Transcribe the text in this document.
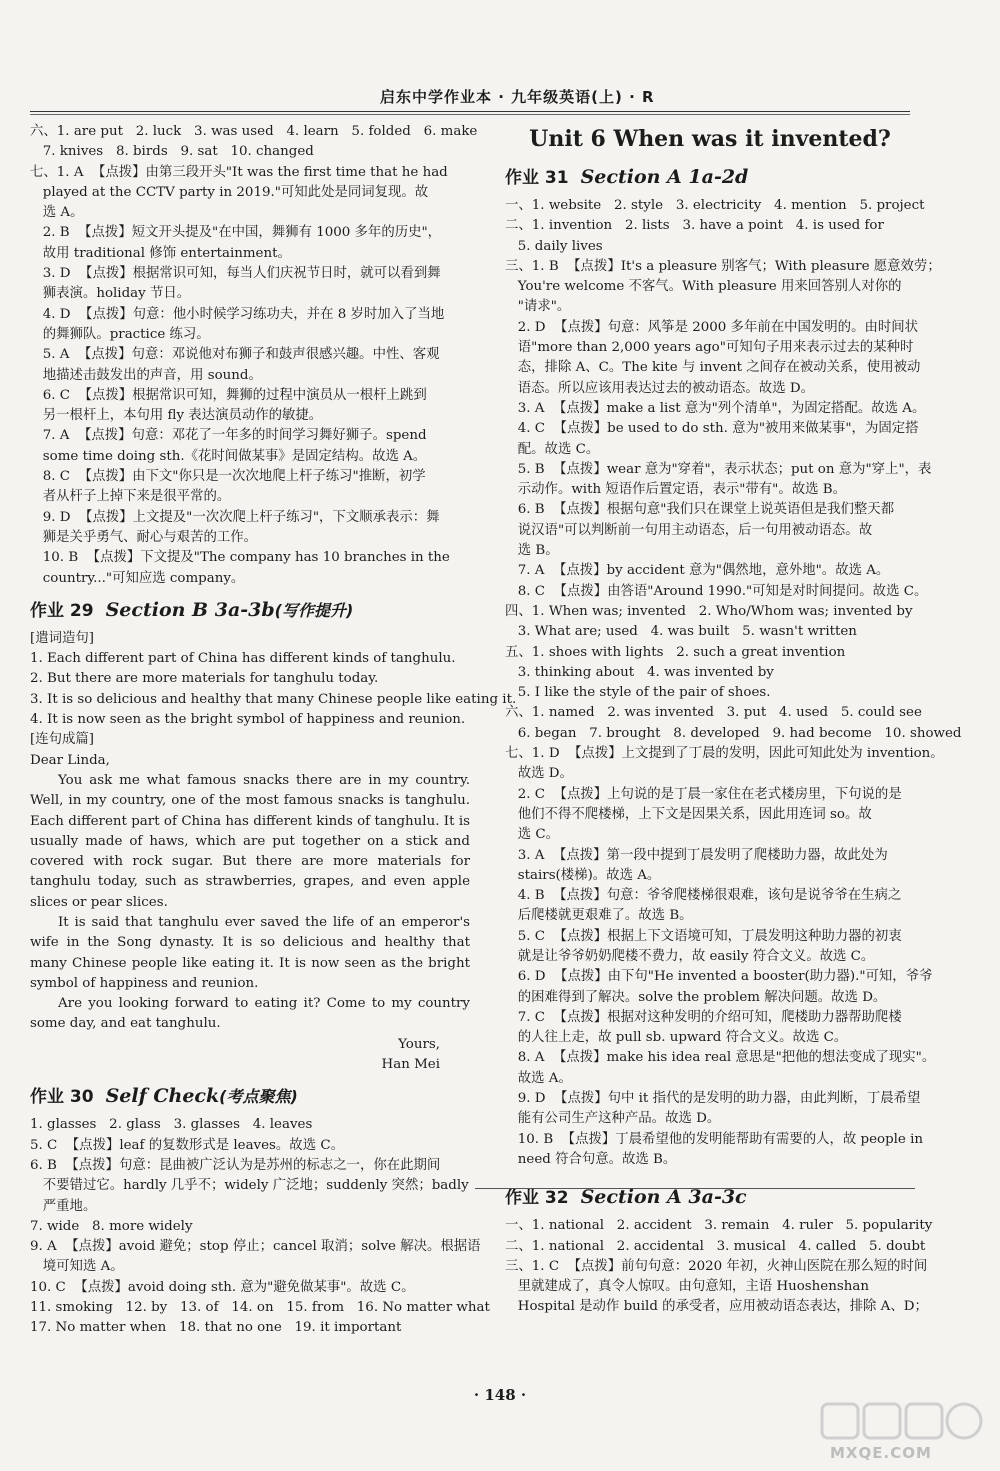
启东中学作业本 · 九年级英语(上) · R
六、1. are put   2. luck   3. was used   4. learn   5. folded   6. make
7. knives   8. birds   9. sat   10. changed
七、1. A  【点拨】由第三段开头"It was the first time that he had
played at the CCTV party in 2019."可知此处是同词复现。故
选 A。
2. B  【点拨】短文开头提及"在中国，舞狮有 1000 多年的历史"，
故用 traditional 修饰 entertainment。
3. D  【点拨】根据常识可知，每当人们庆祝节日时，就可以看到舞
狮表演。holiday 节日。
4. D  【点拨】句意：他小时候学习练功夫，并在 8 岁时加入了当地
的舞狮队。practice 练习。
5. A  【点拨】句意：邓说他对布狮子和鼓声很感兴趣。中性、客观
地描述击鼓发出的声音，用 sound。
6. C  【点拨】根据常识可知，舞狮的过程中演员从一根杆上跳到
另一根杆上，本句用 fly 表达演员动作的敏捷。
7. A  【点拨】句意：邓花了一年多的时间学习舞好狮子。spend
some time doing sth.《花时间做某事》是固定结构。故选 A。
8. C  【点拨】由下文"你只是一次次地爬上杆子练习"推断，初学
者从杆子上掉下来是很平常的。
9. D  【点拨】上文提及"一次次爬上杆子练习"，下文顺承表示：舞
狮是关乎勇气、耐心与艰苦的工作。
10. B  【点拨】下文提及"The company has 10 branches in the
country..."可知应选 company。
作业 29 Section B 3a-3b(写作提升)
[遣词造句]
1. Each different part of China has different kinds of tanghulu.
2. But there are more materials for tanghulu today.
3. It is so delicious and healthy that many Chinese people like eating it.
4. It is now seen as the bright symbol of happiness and reunion.
[连句成篇]
Dear Linda,

You ask me what famous snacks there are in my country. Well, in my country, one of the most famous snacks is tanghulu. Each different part of China has different kinds of tanghulu. It is usually made of haws, which are put together on a stick and covered with rock sugar. But there are more materials for tanghulu today, such as strawberries, grapes, and even apple slices or pear slices.

It is said that tanghulu ever saved the life of an emperor's wife in the Song dynasty. It is so delicious and healthy that many Chinese people like eating it. It is now seen as the bright symbol of happiness and reunion.

Are you looking forward to eating it? Come to my country some day, and eat tanghulu.

Yours,
Han Mei
作业 30 Self Check(考点聚焦)
1. glasses   2. glass   3. glasses   4. leaves
5. C  【点拨】leaf 的复数形式是 leaves。故选 C。
6. B  【点拨】句意：昆曲被广泛认为是苏州的标志之一，你在此期间
不要错过它。hardly 几乎不；widely 广泛地；suddenly 突然；badly
严重地。
7. wide   8. more widely
9. A  【点拨】avoid 避免；stop 停止；cancel 取消；solve 解决。根据语
境可知选 A。
10. C  【点拨】avoid doing sth. 意为"避免做某事"。故选 C。
11. smoking   12. by   13. of   14. on   15. from   16. No matter what
17. No matter when   18. that no one   19. it important
Unit 6 When was it invented?
作业 31 Section A 1a-2d
一、1. website   2. style   3. electricity   4. mention   5. project
二、1. invention   2. lists   3. have a point   4. is used for
5. daily lives
三、1. B  【点拨】It's a pleasure 别客气；With pleasure 愿意效劳；
You're welcome 不客气。With pleasure 用来回答别人对你的
"请求"。
2. D  【点拨】句意：风筝是 2000 多年前在中国发明的。由时间状
语"more than 2,000 years ago"可知句子用来表示过去的某种时
态，排除 A、C。The kite 与 invent 之间存在被动关系，使用被动
语态。所以应该用表达过去的被动语态。故选 D。
3. A  【点拨】make a list 意为"列个清单"，为固定搭配。故选 A。
4. C  【点拨】be used to do sth. 意为"被用来做某事"，为固定搭
配。故选 C。
5. B  【点拨】wear 意为"穿着"，表示状态；put on 意为"穿上"，表
示动作。with 短语作后置定语，表示"带有"。故选 B。
6. B  【点拨】根据句意"我们只在课堂上说英语但是我们整天都
说汉语"可以判断前一句用主动语态，后一句用被动语态。故
选 B。
7. A  【点拨】by accident 意为"偶然地，意外地"。故选 A。
8. C  【点拨】由答语"Around 1990."可知是对时间提问。故选 C。
四、1. When was; invented   2. Who/Whom was; invented by
3. What are; used   4. was built   5. wasn't written
五、1. shoes with lights   2. such a great invention
3. thinking about   4. was invented by
5. I like the style of the pair of shoes.
六、1. named   2. was invented   3. put   4. used   5. could see
6. began   7. brought   8. developed   9. had become   10. showed
七、1. D  【点拨】上文提到了丁晨的发明，因此可知此处为 invention。
故选 D。
2. C  【点拨】上句说的是丁晨一家住在老式楼房里，下句说的是
他们不得不爬楼梯，上下文是因果关系，因此用连词 so。故
选 C。
3. A  【点拨】第一段中提到丁晨发明了爬楼助力器，故此处为
stairs(楼梯)。故选 A。
4. B  【点拨】句意：爷爷爬楼梯很艰难，该句是说爷爷在生病之
后爬楼就更艰难了。故选 B。
5. C  【点拨】根据上下文语境可知，丁晨发明这种助力器的初衷
就是让爷爷奶奶爬楼不费力，故 easily 符合文义。故选 C。
6. D  【点拨】由下句"He invented a booster(助力器)."可知，爷爷
的困难得到了解决。solve the problem 解决问题。故选 D。
7. C  【点拨】根据对这种发明的介绍可知，爬楼助力器帮助爬楼
的人往上走，故 pull sb. upward 符合文义。故选 C。
8. A  【点拨】make his idea real 意思是"把他的想法变成了现实"。
故选 A。
9. D  【点拨】句中 it 指代的是发明的助力器，由此判断，丁晨希望
能有公司生产这种产品。故选 D。
10. B  【点拨】丁晨希望他的发明能帮助有需要的人，故 people in
need 符合句意。故选 B。
作业 32 Section A 3a-3c
一、1. national   2. accident   3. remain   4. ruler   5. popularity
二、1. national   2. accidental   3. musical   4. called   5. doubt
三、1. C  【点拨】前句句意：2020 年初，火神山医院在那么短的时间
里就建成了，真令人惊叹。由句意知，主语 Huoshenshan
Hospital 是动作 build 的承受者，应用被动语态表达，排除 A、D；
· 148 ·
MXQE.COM
